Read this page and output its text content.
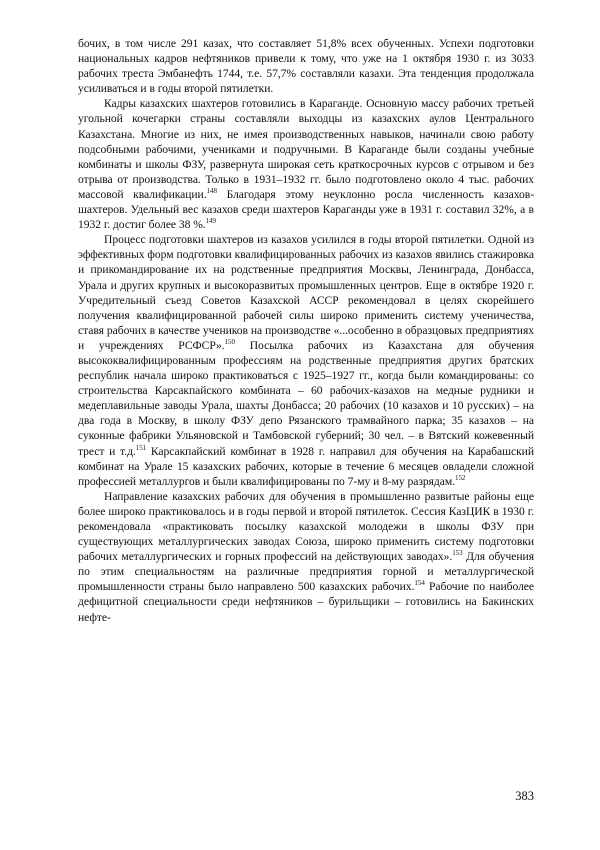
бочих, в том числе 291 казах, что составляет 51,8% всех обученных. Успехи подготовки национальных кадров нефтяников привели к тому, что уже на 1 октября 1930 г. из 3033 рабочих треста Эмбанефть 1744, т.е. 57,7% составляли казахи. Эта тенденция продолжала усиливаться и в годы второй пятилетки.

Кадры казахских шахтеров готовились в Караганде. Основную массу рабочих третьей угольной кочегарки страны составляли выходцы из казахских аулов Центрального Казахстана. Многие из них, не имея производственных навыков, начинали свою работу подсобными рабочими, учениками и подручными. В Караганде были созданы учебные комбинаты и школы ФЗУ, развернута широкая сеть краткосрочных курсов с отрывом и без отрыва от производства. Только в 1931–1932 гг. было подготовлено около 4 тыс. рабочих массовой квалификации.$^{148}$ Благодаря этому неуклонно росла численность казахов-шахтеров. Удельный вес казахов среди шахтеров Караганды уже в 1931 г. составил 32%, а в 1932 г. достиг более 38 %.$^{149}$

Процесс подготовки шахтеров из казахов усилился в годы второй пятилетки. Одной из эффективных форм подготовки квалифицированных рабочих из казахов явились стажировка и прикомандирование их на родственные предприятия Москвы, Ленинграда, Донбасса, Урала и других крупных и высокоразвитых промышленных центров. Еще в октябре 1920 г. Учредительный съезд Советов Казахской АССР рекомендовал в целях скорейшего получения квалифицированной рабочей силы широко применить систему ученичества, ставя рабочих в качестве учеников на производстве «...особенно в образцовых предприятиях и учреждениях РСФСР».$^{150}$ Посылка рабочих из Казахстана для обучения высококвалифицированным профессиям на родственные предприятия других братских республик начала широко практиковаться с 1925–1927 гг., когда были командированы: со строительства Карсакпайского комбината – 60 рабочих-казахов на медные рудники и медеплавильные заводы Урала, шахты Донбасса; 20 рабочих (10 казахов и 10 русских) – на два года в Москву, в школу ФЗУ депо Рязанского трамвайного парка; 35 казахов – на суконные фабрики Ульяновской и Тамбовской губерний; 30 чел. – в Вятский кожевенный трест и т.д.$^{151}$ Карсакпайский комбинат в 1928 г. направил для обучения на Карабашский комбинат на Урале 15 казахских рабочих, которые в течение 6 месяцев овладели сложной профессией металлургов и были квалифицированы по 7-му и 8-му разрядам.$^{152}$

Направление казахских рабочих для обучения в промышленно развитые районы еще более широко практиковалось и в годы первой и второй пятилеток. Сессия КазЦИК в 1930 г. рекомендовала «практиковать посылку казахской молодежи в школы ФЗУ при существующих металлургических заводах Союза, широко применить систему подготовки рабочих металлургических и горных профессий на действующих заводах».$^{153}$ Для обучения по этим специальностям на различные предприятия горной и металлургической промышленности страны было направлено 500 казахских рабочих.$^{154}$ Рабочие по наиболее дефицитной специальности среди нефтяников – бурильщики – готовились на Бакинских нефте-

383
